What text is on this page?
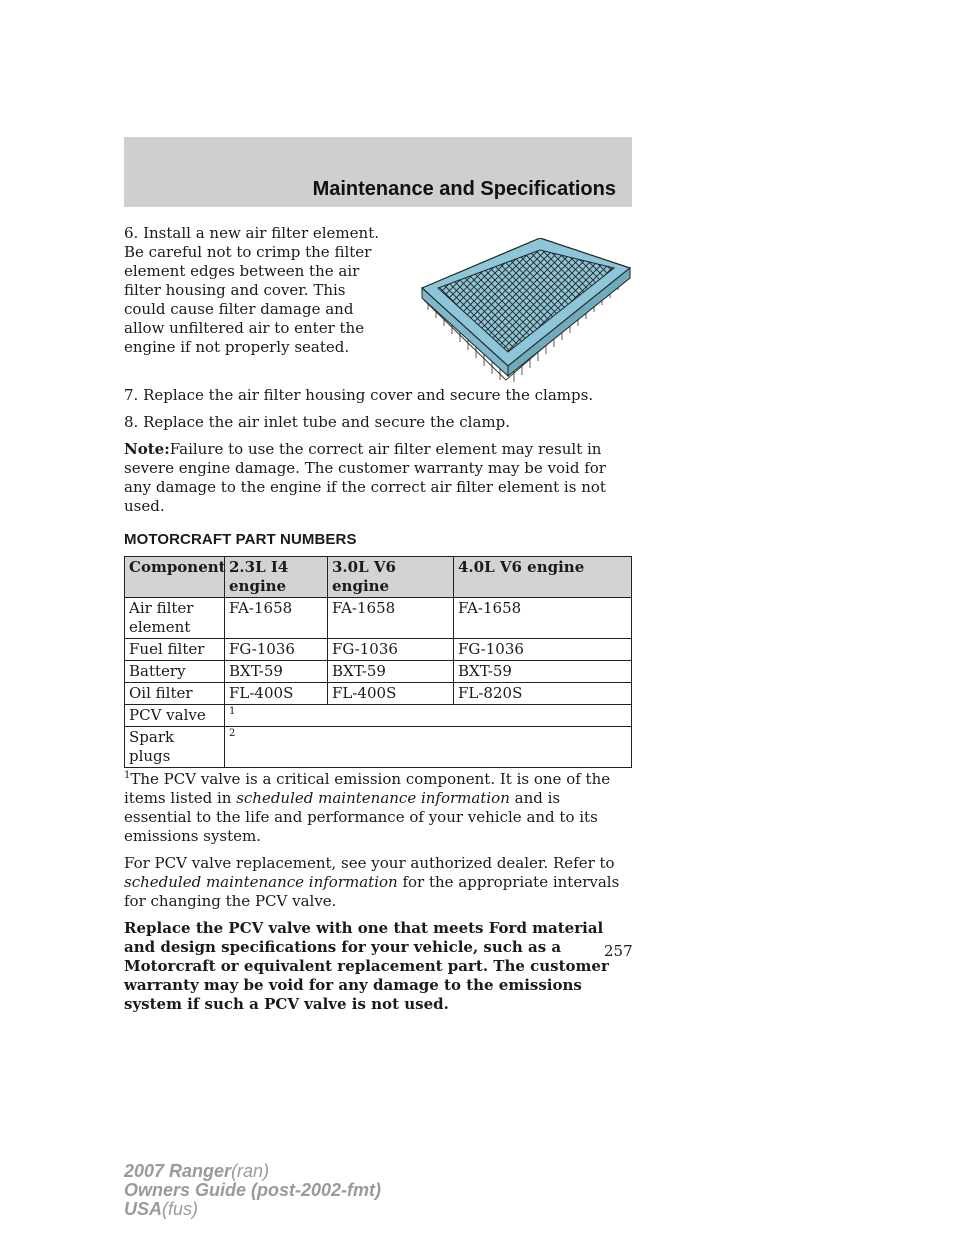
Maintenance and Specifications

6. Install a new air filter element. Be careful not to crimp the filter element edges between the air filter housing and cover. This could cause filter damage and allow unfiltered air to enter the engine if not properly seated.

7. Replace the air filter housing cover and secure the clamps.

8. Replace the air inlet tube and secure the clamp.

Note:Failure to use the correct air filter element may result in severe engine damage. The customer warranty may be void for any damage to the engine if the correct air filter element is not used.

MOTORCRAFT PART NUMBERS
Component	2.3L I4 engine	3.0L V6 engine	4.0L V6 engine
Air filter element	FA-1658	FA-1658	FA-1658
Fuel filter	FG-1036	FG-1036	FG-1036
Battery	BXT-59	BXT-59	BXT-59
Oil filter	FL-400S	FL-400S	FL-820S
PCV valve	$^1$
Spark plugs	$^2$

$^1$The PCV valve is a critical emission component. It is one of the items listed in scheduled maintenance information and is essential to the life and performance of your vehicle and to its emissions system.

For PCV valve replacement, see your authorized dealer. Refer to scheduled maintenance information for the appropriate intervals for changing the PCV valve.

Replace the PCV valve with one that meets Ford material and design specifications for your vehicle, such as a Motorcraft or equivalent replacement part. The customer warranty may be void for any damage to the emissions system if such a PCV valve is not used.

257
2007 Ranger(ran)
Owners Guide (post-2002-fmt)
USA(fus)
